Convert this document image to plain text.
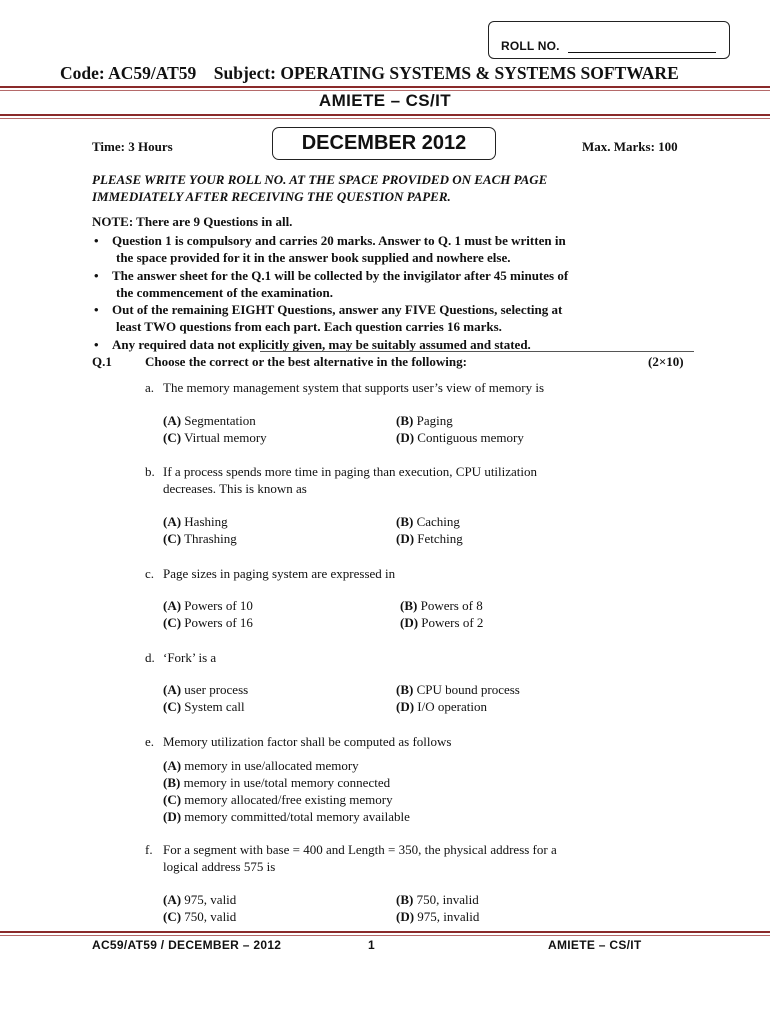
ROLL NO.
Code: AC59/AT59    Subject: OPERATING SYSTEMS & SYSTEMS SOFTWARE
AMIETE – CS/IT
Time: 3 Hours	DECEMBER 2012	Max. Marks: 100
PLEASE WRITE YOUR ROLL NO. AT THE SPACE PROVIDED ON EACH PAGE
IMMEDIATELY AFTER RECEIVING THE QUESTION PAPER.
NOTE: There are 9 Questions in all.
• Question 1 is compulsory and carries 20 marks. Answer to Q. 1 must be written in
the space provided for it in the answer book supplied and nowhere else.
• The answer sheet for the Q.1 will be collected by the invigilator after 45 minutes of
the commencement of the examination.
• Out of the remaining EIGHT Questions, answer any FIVE Questions, selecting at
least TWO questions from each part. Each question carries 16 marks.
• Any required data not explicitly given, may be suitably assumed and stated.
Q.1	Choose the correct or the best alternative in the following:	(2×10)
a. The memory management system that supports user’s view of memory is
(A) Segmentation	(B) Paging
(C) Virtual memory	(D) Contiguous memory
b. If a process spends more time in paging than execution, CPU utilization
decreases. This is known as
(A) Hashing	(B) Caching
(C) Thrashing	(D) Fetching
c. Page sizes in paging system are expressed in
(A) Powers of 10	(B) Powers of 8
(C) Powers of 16	(D) Powers of 2
d. ‘Fork’ is a
(A) user process	(B) CPU bound process
(C) System call	(D) I/O operation
e. Memory utilization factor shall be computed as follows
(A) memory in use/allocated memory
(B) memory in use/total memory connected
(C) memory allocated/free existing memory
(D) memory committed/total memory available
f. For a segment with base = 400 and Length = 350, the physical address for a
logical address 575 is
(A) 975, valid	(B) 750, invalid
(C) 750, valid	(D) 975, invalid
AC59/AT59 / DECEMBER – 2012	1	AMIETE – CS/IT
